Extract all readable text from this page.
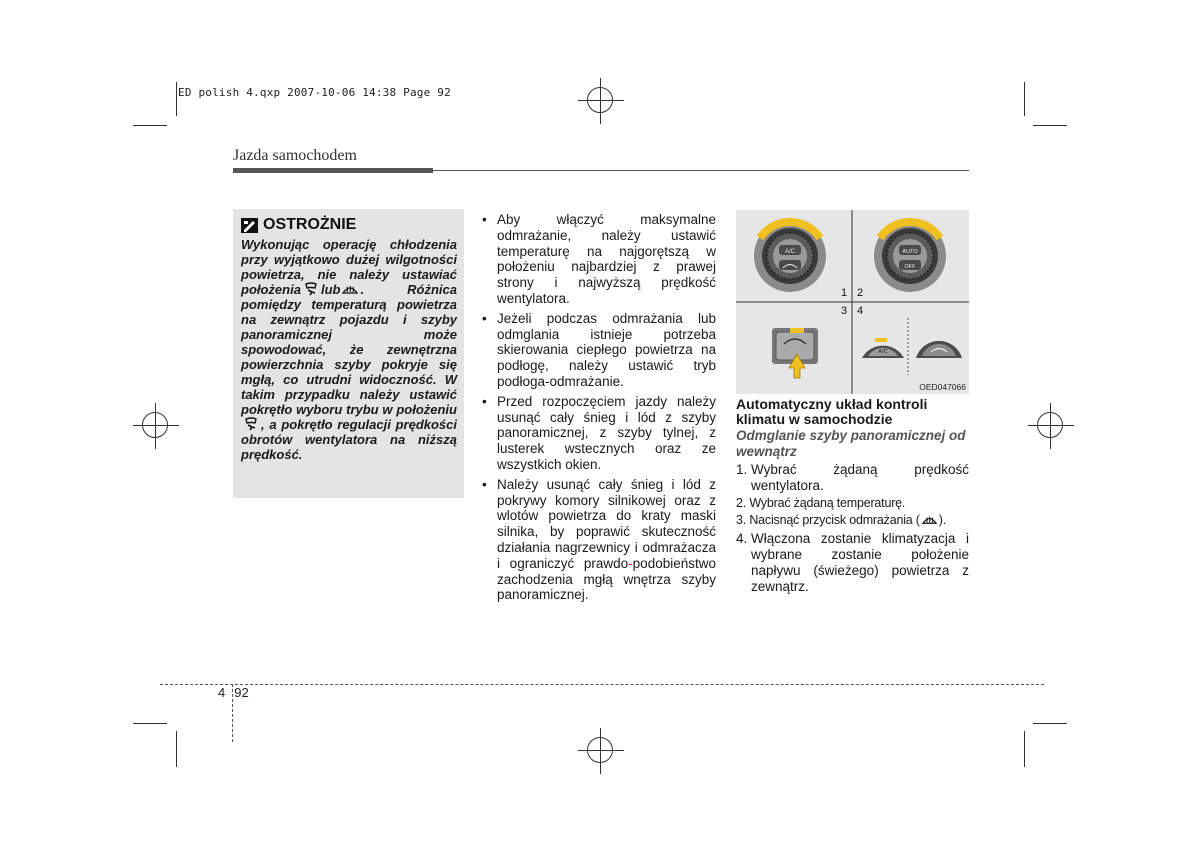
ED polish 4.qxp 2007-10-06 14:38 Page 92
Jazda samochodem
OSTROŻNIE
Wykonując operację chłodzenia przy wyjątkowo dużej wilgotności powietrza, nie należy ustawiać położenia lub . Różnica pomiędzy temperaturą powietrza na zewnątrz pojazdu i szyby panoramicznej może spowodować, że zewnętrzna powierzchnia szyby pokryje się mgłą, co utrudni widoczność. W takim przypadku należy ustawić pokrętło wyboru trybu w położeniu, a pokrętło regulacji prędkości obrotów wentylatora na niższą prędkość.
• Aby włączyć maksymalne odmrażanie, należy ustawić temperaturę na najgorętszą w położeniu najbardziej z prawej strony i najwyższą prędkość wentylatora.
• Jeżeli podczas odmrażania lub odmglania istnieje potrzeba skierowania ciepłego powietrza na podłogę, należy ustawić tryb podłoga-odmrażanie.
• Przed rozpoczęciem jazdy należy usunąć cały śnieg i lód z szyby panoramicznej, z szyby tylnej, z lusterek wstecznych oraz ze wszystkich okien.
• Należy usunąć cały śnieg i lód z pokrywy komory silnikowej oraz z wlotów powietrza do kraty maski silnika, by poprawić skuteczność działania nagrzewnicy i odmrażacza i ograniczyć prawdo-podobieństwo zachodzenia mgłą wnętrza szyby panoramicznej.
A/C	AUTO
OFF
A/C
1 2
3 4
OED047066
Automatyczny układ kontroli klimatu w samochodzie
Odmglanie szyby panoramicznej od wewnątrz
1. Wybrać żądaną prędkość wentylatora.
2. Wybrać żądaną temperaturę.
3. Nacisnąć przycisk odmrażania ( ).
4. Włączona zostanie klimatyzacja i wybrane zostanie położenie napływu (świeżego) powietrza z zewnątrz.
4 92
